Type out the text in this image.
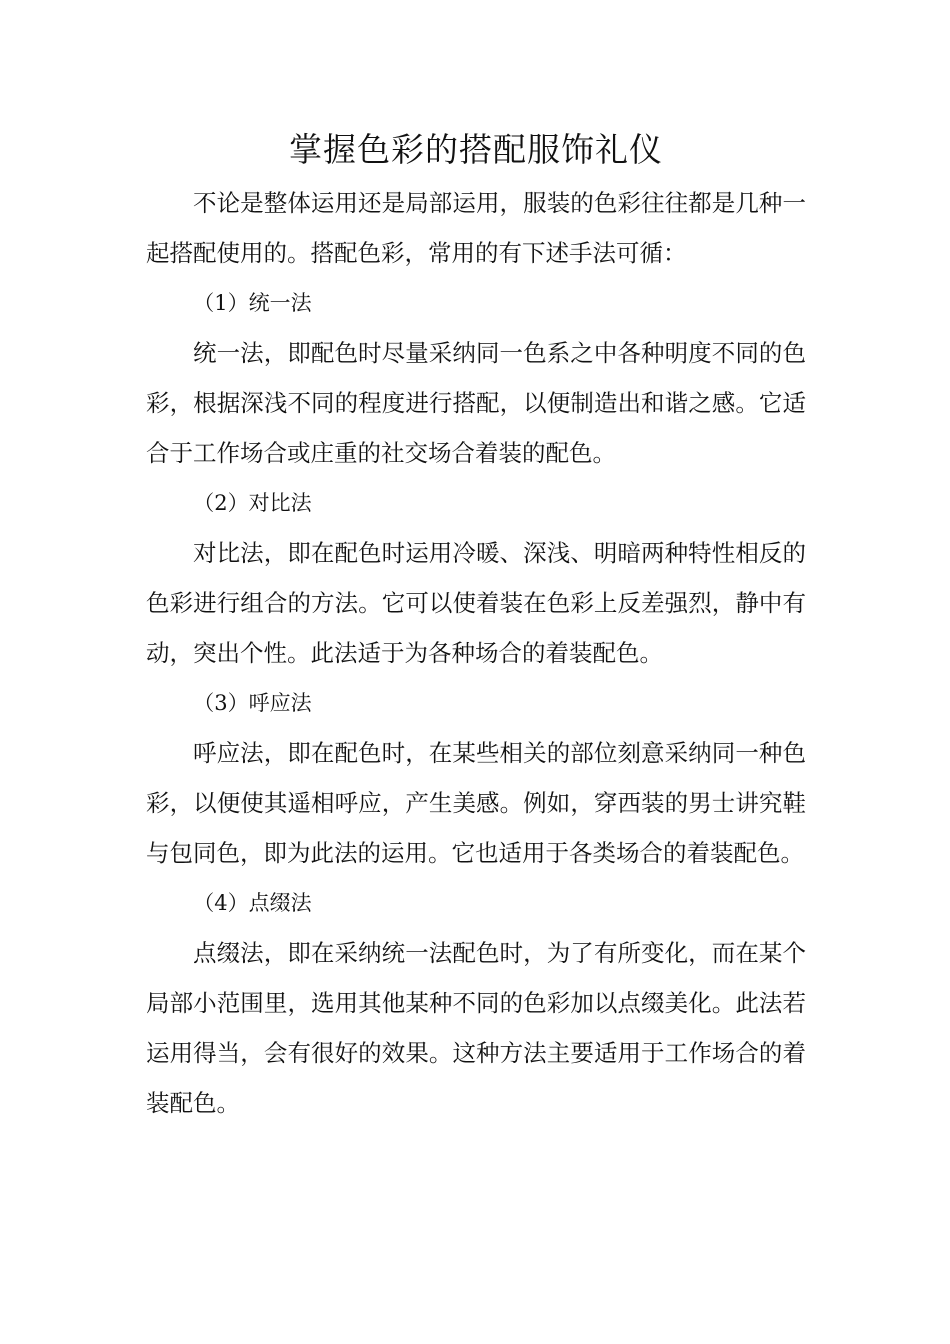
掌握色彩的搭配服饰礼仪

不论是整体运用还是局部运用，服装的色彩往往都是几种一起搭配使用的。搭配色彩，常用的有下述手法可循：

（1）统一法

统一法，即配色时尽量采纳同一色系之中各种明度不同的色彩，根据深浅不同的程度进行搭配，以便制造出和谐之感。它适合于工作场合或庄重的社交场合着装的配色。

（2）对比法

对比法，即在配色时运用冷暖、深浅、明暗两种特性相反的色彩进行组合的方法。它可以使着装在色彩上反差强烈，静中有动，突出个性。此法适于为各种场合的着装配色。

（3）呼应法

呼应法，即在配色时，在某些相关的部位刻意采纳同一种色彩，以便使其遥相呼应，产生美感。例如，穿西装的男士讲究鞋与包同色，即为此法的运用。它也适用于各类场合的着装配色。

（4）点缀法

点缀法，即在采纳统一法配色时，为了有所变化，而在某个局部小范围里，选用其他某种不同的色彩加以点缀美化。此法若运用得当，会有很好的效果。这种方法主要适用于工作场合的着装配色。
